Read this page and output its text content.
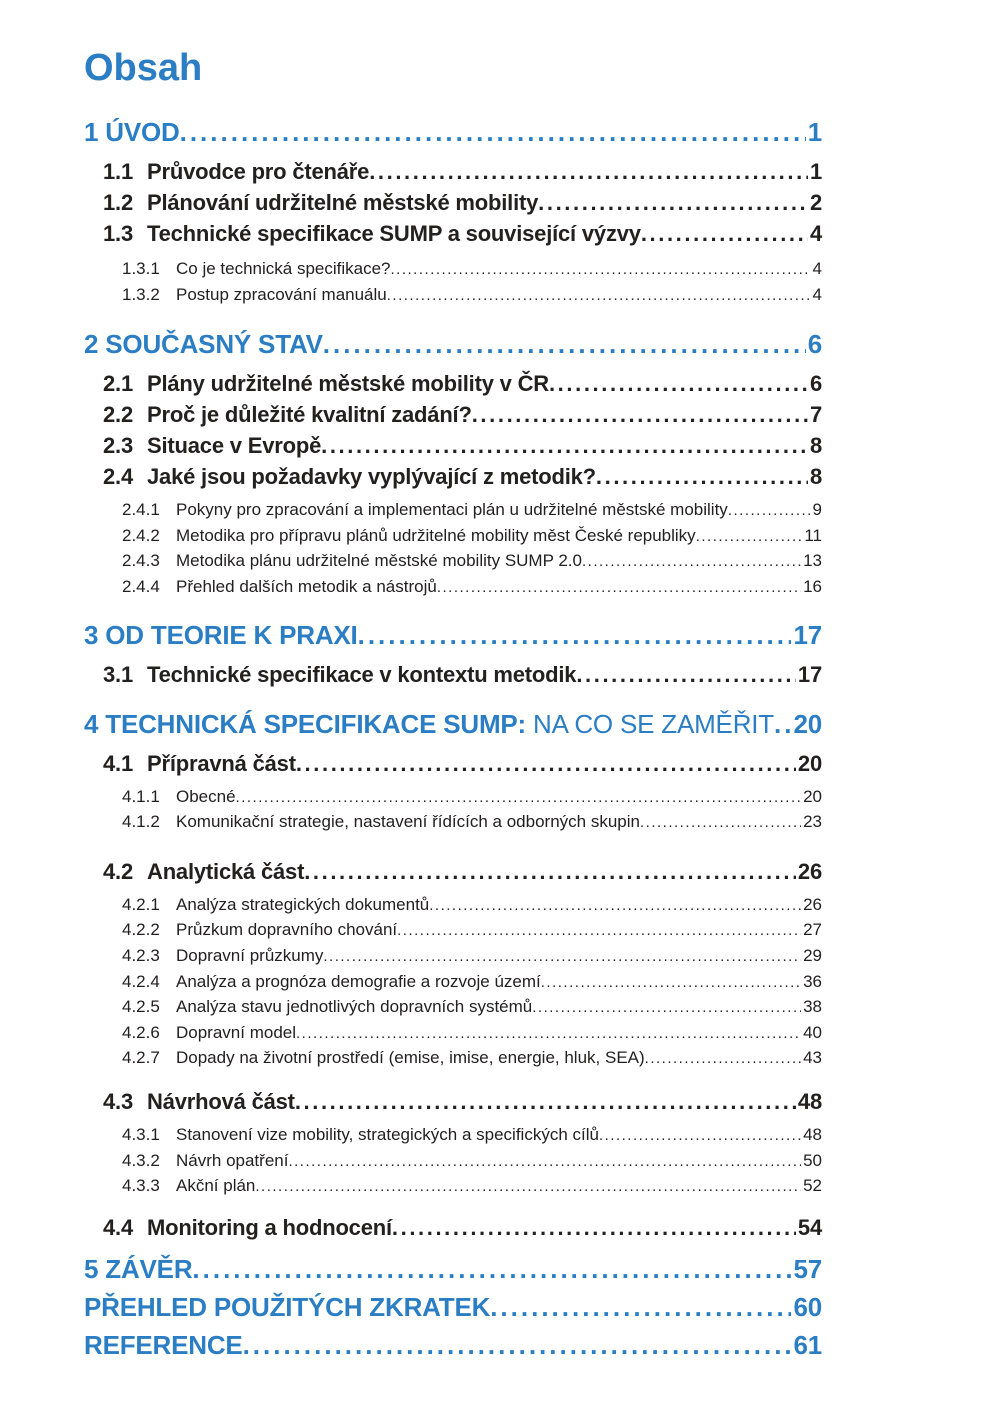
Obsah
1 ÚVOD .....	1
1.1 Průvodce pro čtenáře .....	1
1.2 Plánování udržitelné městské mobility .....	2
1.3 Technické specifikace SUMP a související výzvy .....	4
1.3.1 Co je technická specifikace? .....	4
1.3.2 Postup zpracování manuálu .....	4
2 SOUČASNÝ STAV .....	6
2.1 Plány udržitelné městské mobility v ČR .....	6
2.2 Proč je důležité kvalitní zadání? .....	7
2.3 Situace v Evropě .....	8
2.4 Jaké jsou požadavky vyplývající z metodik? .....	8
2.4.1 Pokyny pro zpracování a implementaci plán u udržitelné městské mobility .....	9
2.4.2 Metodika pro přípravu plánů udržitelné mobility měst České republiky .....	11
2.4.3 Metodika plánu udržitelné městské mobility SUMP 2.0 .....	13
2.4.4 Přehled dalších metodik a nástrojů .....	16
3 OD TEORIE K PRAXI .....	17
3.1 Technické specifikace v kontextu metodik .....	17
4 TECHNICKÁ SPECIFIKACE SUMP: NA CO SE ZAMĚŘIT ..... 20
4.1 Přípravná část .....	20
4.1.1 Obecné .....	20
4.1.2 Komunikační strategie, nastavení řídících a odborných skupin .....	23
4.2 Analytická část .....	26
4.2.1 Analýza strategických dokumentů .....	26
4.2.2 Průzkum dopravního chování .....	27
4.2.3 Dopravní průzkumy .....	29
4.2.4 Analýza a prognóza demografie a rozvoje území .....	36
4.2.5 Analýza stavu jednotlivých dopravních systémů .....	38
4.2.6 Dopravní model .....	40
4.2.7 Dopady na životní prostředí (emise, imise, energie, hluk, SEA) .....	43
4.3 Návrhová část .....	48
4.3.1 Stanovení vize mobility, strategických a specifických cílů .....	48
4.3.2 Návrh opatření .....	50
4.3.3 Akční plán .....	52
4.4 Monitoring a hodnocení .....	54
5 ZÁVĚR .....	57
PŘEHLED POUŽITÝCH ZKRATEK .....	60
REFERENCE .....	61
